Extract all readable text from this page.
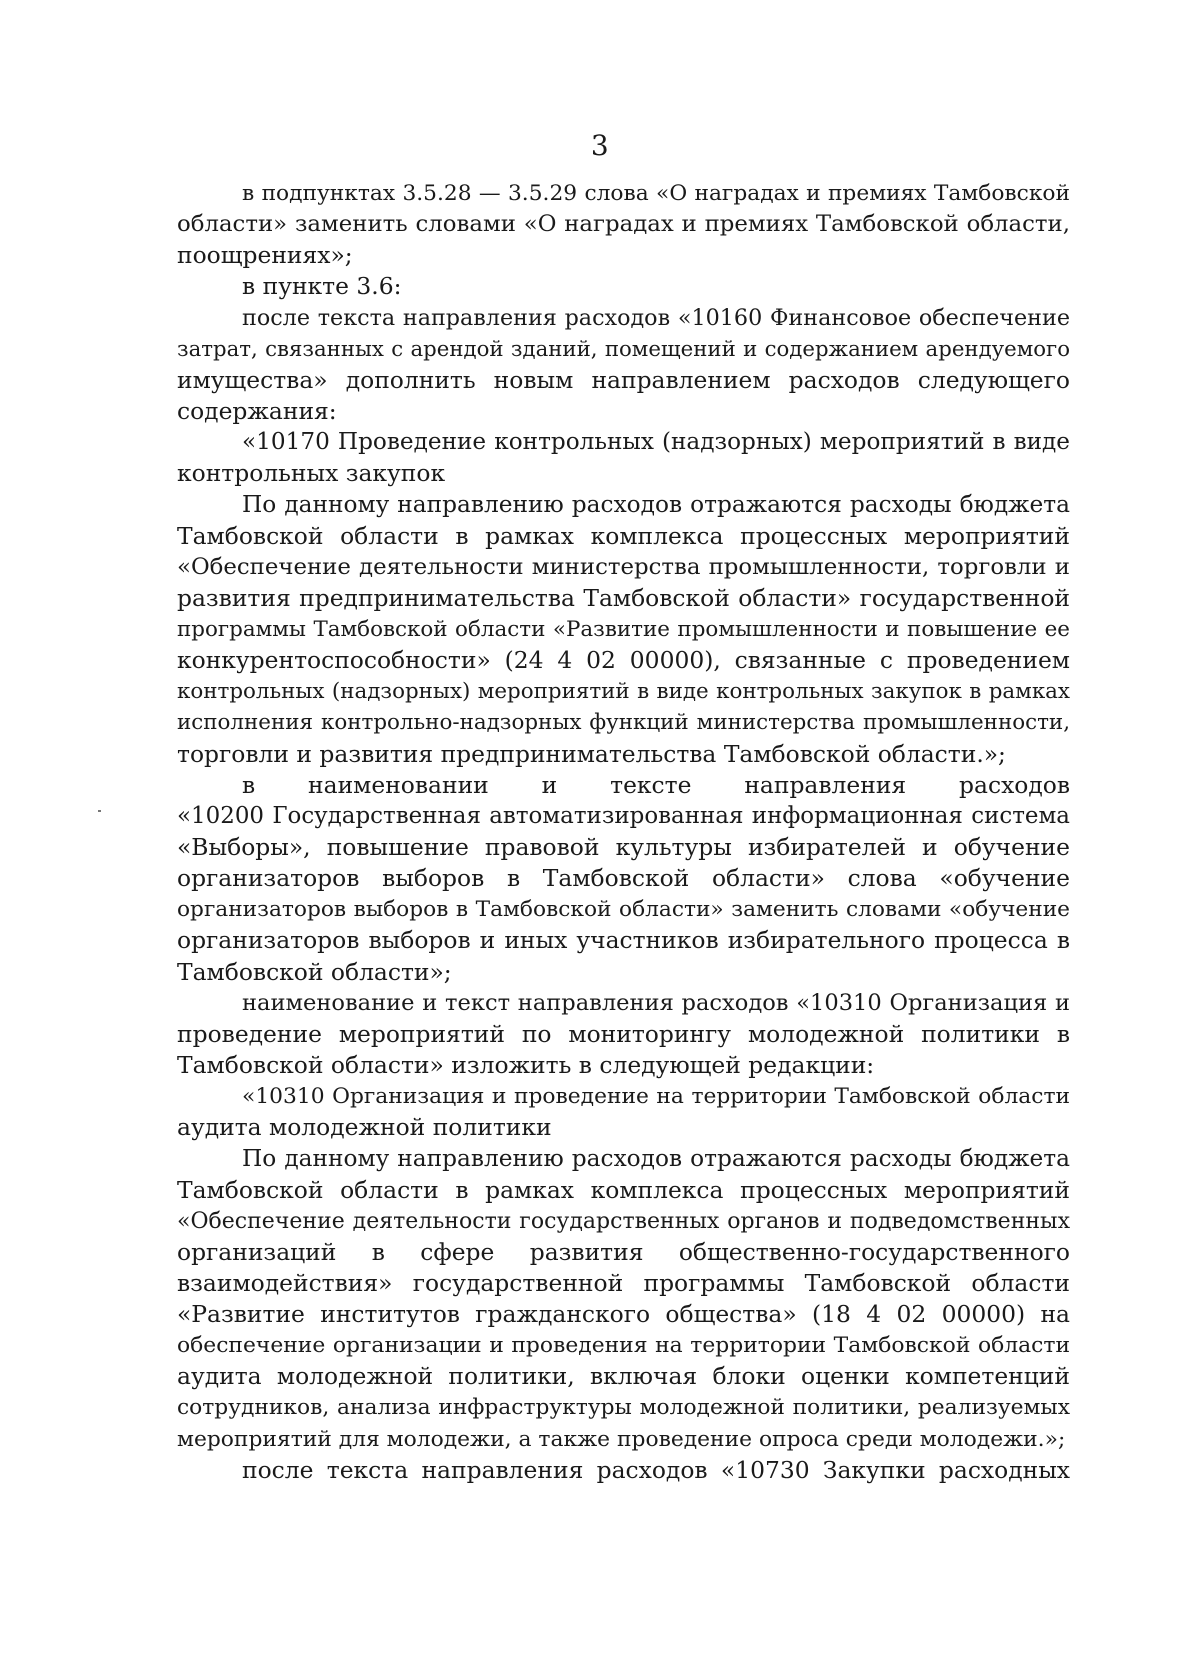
3
в подпунктах 3.5.28 — 3.5.29 слова «О наградах и премиях Тамбовской
области» заменить словами «О наградах и премиях Тамбовской области,
поощрениях»;
в пункте 3.6:
после текста направления расходов «10160 Финансовое обеспечение
затрат, связанных с арендой зданий, помещений и содержанием арендуемого
имущества» дополнить новым направлением расходов следующего
содержания:
«10170 Проведение контрольных (надзорных) мероприятий в виде
контрольных закупок
По данному направлению расходов отражаются расходы бюджета
Тамбовской области в рамках комплекса процессных мероприятий
«Обеспечение деятельности министерства промышленности, торговли и
развития предпринимательства Тамбовской области» государственной
программы Тамбовской области «Развитие промышленности и повышение ее
конкурентоспособности» (24 4 02 00000), связанные с проведением
контрольных (надзорных) мероприятий в виде контрольных закупок в рамках
исполнения контрольно-надзорных функций министерства промышленности,
торговли и развития предпринимательства Тамбовской области.»;
в наименовании и тексте направления расходов
«10200 Государственная автоматизированная информационная система
«Выборы», повышение правовой культуры избирателей и обучение
организаторов выборов в Тамбовской области» слова «обучение
организаторов выборов в Тамбовской области» заменить словами «обучение
организаторов выборов и иных участников избирательного процесса в
Тамбовской области»;
наименование и текст направления расходов «10310 Организация и
проведение мероприятий по мониторингу молодежной политики в
Тамбовской области» изложить в следующей редакции:
«10310 Организация и проведение на территории Тамбовской области
аудита молодежной политики
По данному направлению расходов отражаются расходы бюджета
Тамбовской области в рамках комплекса процессных мероприятий
«Обеспечение деятельности государственных органов и подведомственных
организаций в сфере развития общественно-государственного
взаимодействия» государственной программы Тамбовской области
«Развитие институтов гражданского общества» (18 4 02 00000) на
обеспечение организации и проведения на территории Тамбовской области
аудита молодежной политики, включая блоки оценки компетенций
сотрудников, анализа инфраструктуры молодежной политики, реализуемых
мероприятий для молодежи, а также проведение опроса среди молодежи.»;
после текста направления расходов «10730 Закупки расходных
